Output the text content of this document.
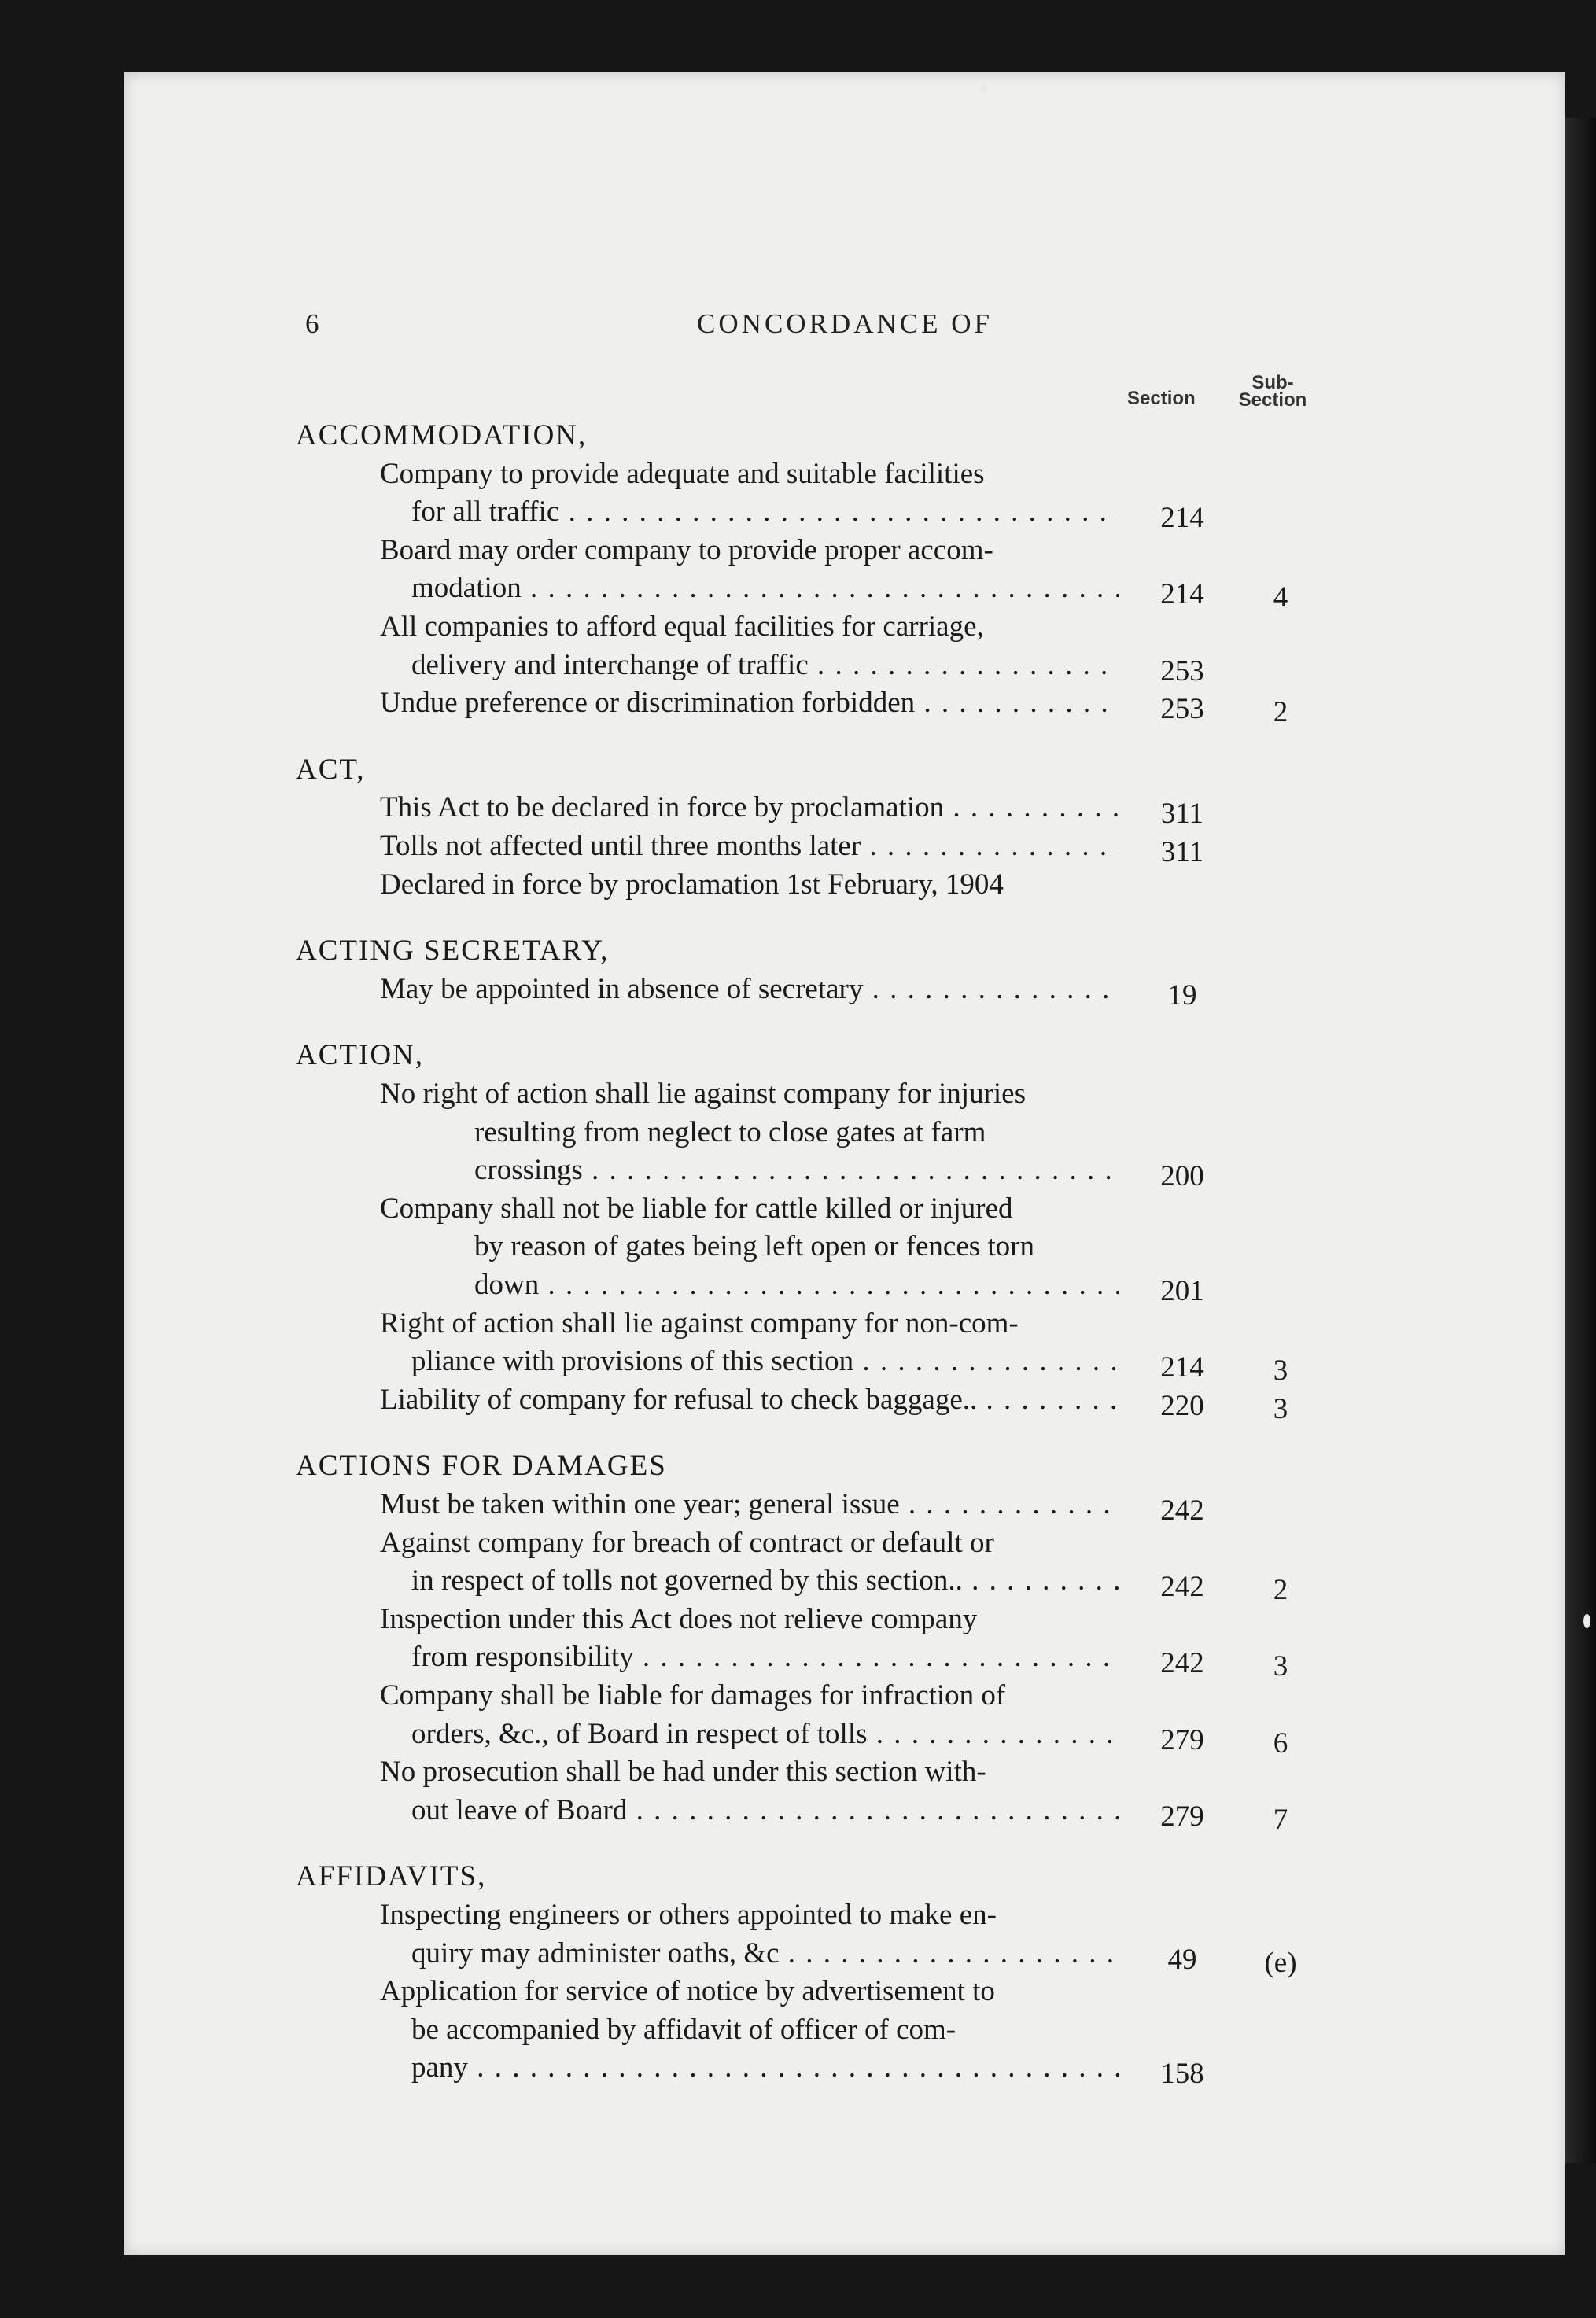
CONCORDANCE OF
6
Section
Sub-
Section
ACCOMMODATION,
Company to provide adequate and suitable facilities
for all traffic . . .	214
Board may order company to provide proper accom-
modation . . .	214	4
All companies to afford equal facilities for carriage,
delivery and interchange of traffic . . .	253
Undue preference or discrimination forbidden . . .	253	2
ACT,
This Act to be declared in force by proclamation . . .	311
Tolls not affected until three months later . . .	311
Declared in force by proclamation 1st February, 1904
ACTING SECRETARY,
May be appointed in absence of secretary . . .	19
ACTION,
No right of action shall lie against company for injuries
resulting from neglect to close gates at farm
crossings . . .	200
Company shall not be liable for cattle killed or injured
by reason of gates being left open or fences torn
down . . .	201
Right of action shall lie against company for non-com-
pliance with provisions of this section . . .	214	3
Liability of company for refusal to check baggage.. . . .	220	3
ACTIONS FOR DAMAGES
Must be taken within one year; general issue . . .	242
Against company for breach of contract or default or
in respect of tolls not governed by this section.. . . .	242	2
Inspection under this Act does not relieve company
from responsibility . . .	242	3
Company shall be liable for damages for infraction of
orders, &c., of Board in respect of tolls . . .	279	6
No prosecution shall be had under this section with-
out leave of Board . . .	279	7
AFFIDAVITS,
Inspecting engineers or others appointed to make en-
quiry may administer oaths, &c . . .	49	(e)
Application for service of notice by advertisement to
be accompanied by affidavit of officer of com-
pany . . .	158
